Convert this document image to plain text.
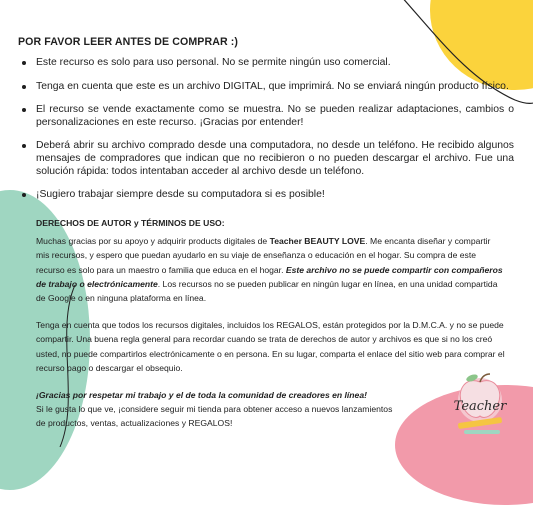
POR FAVOR LEER ANTES DE COMPRAR :)
Este recurso es solo para uso personal. No se permite ningún uso comercial.
Tenga en cuenta que este es un archivo DIGITAL, que imprimirá. No se enviará ningún producto físico.
El recurso se vende exactamente como se muestra. No se pueden realizar adaptaciones, cambios o personalizaciones en este recurso. ¡Gracias por entender!
Deberá abrir su archivo comprado desde una computadora, no desde un teléfono. He recibido algunos mensajes de compradores que indican que no recibieron o no pueden descargar el archivo. Fue una solución rápida: todos intentaban acceder al archivo desde un teléfono.
¡Sugiero trabajar siempre desde su computadora si es posible!

DERECHOS DE AUTOR y TÉRMINOS DE USO:

Muchas gracias por su apoyo y adquirir products digitales de Teacher BEAUTY LOVE. Me encanta diseñar y compartir mis recursos, y espero que puedan ayudarlo en su viaje de enseñanza o educación en el hogar. Su compra de este recurso es solo para un maestro o familia que educa en el hogar. Este archivo no se puede compartir con compañeros de trabajo o electrónicamente. Los recursos no se pueden publicar en ningún lugar en línea, en una unidad compartida de Google o en ninguna plataforma en línea.

Tenga en cuenta que todos los recursos digitales, incluidos los REGALOS, están protegidos por la D.M.C.A. y no se puede compartir. Una buena regla general para recordar cuando se trata de derechos de autor y archivos es que si no los creó usted, no puede compartirlos electrónicamente o en persona. En su lugar, comparta el enlace del sitio web para comprar el recurso pago o descargar el obsequio.

¡Gracias por respetar mi trabajo y el de toda la comunidad de creadores en línea!

Si le gusta lo que ve, ¡considere seguir mi tienda para obtener acceso a nuevos lanzamientos de productos, ventas, actualizaciones y REGALOS!

Teacher
